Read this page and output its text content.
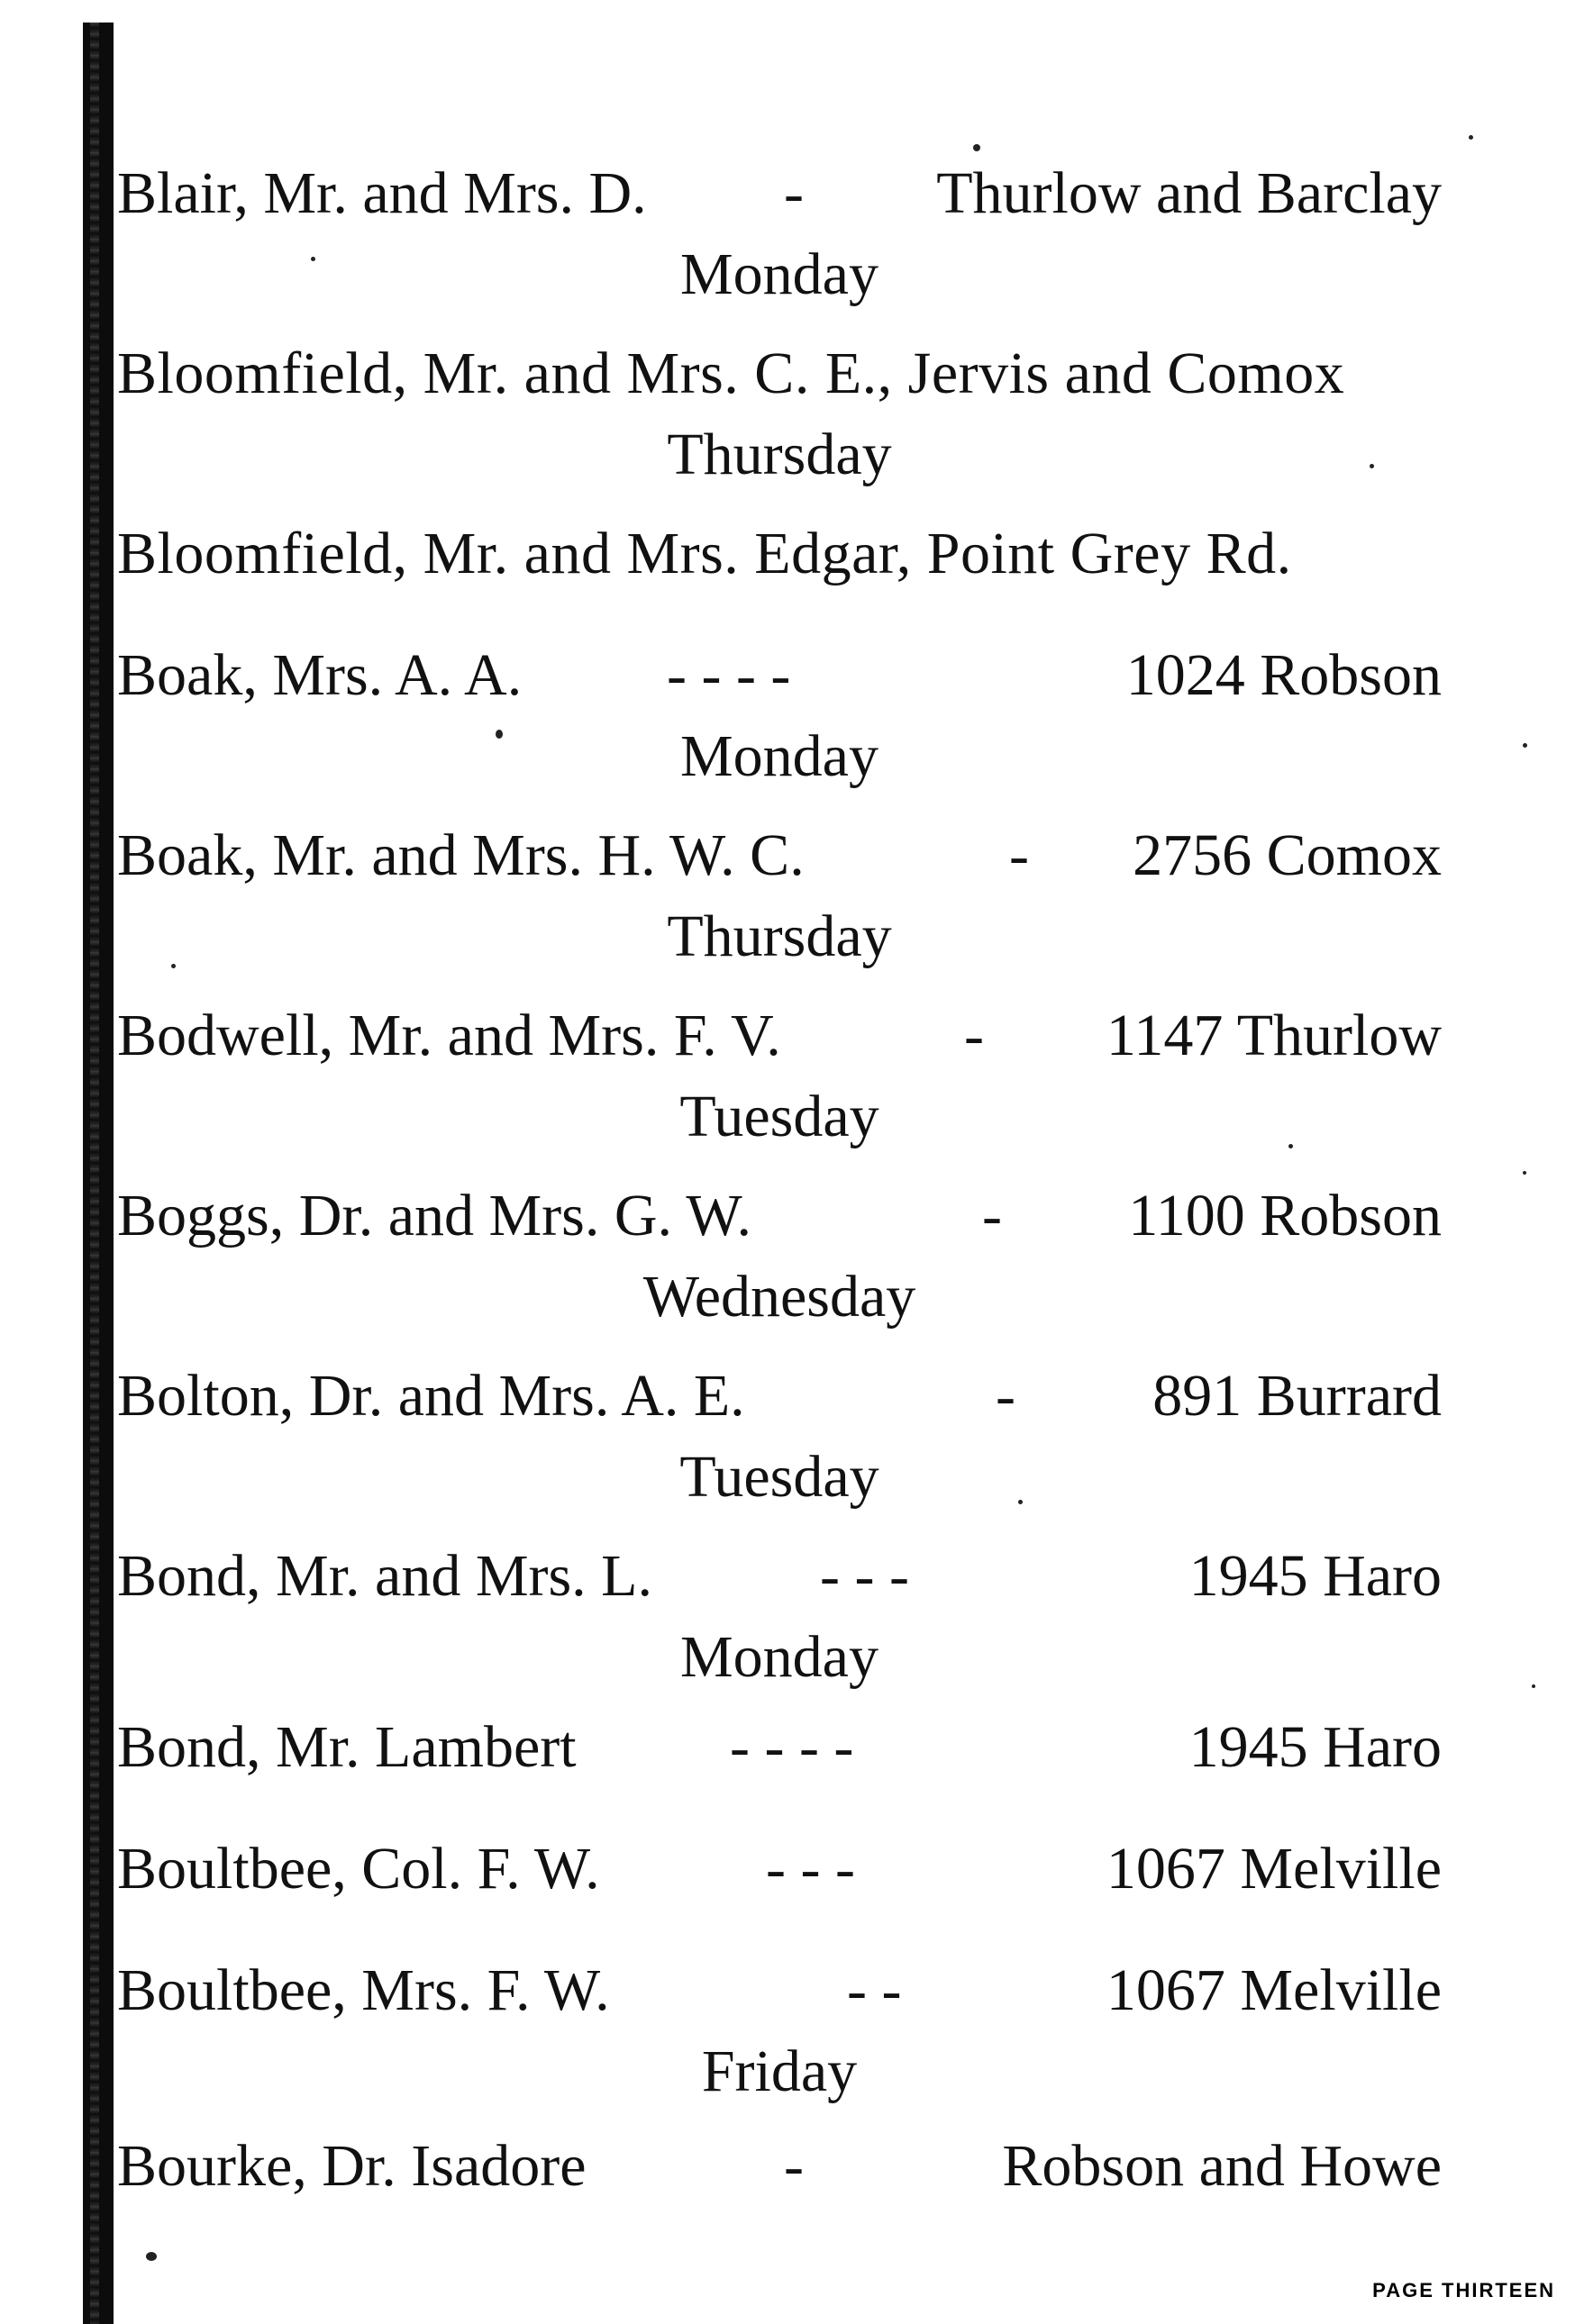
Blair, Mr. and Mrs. D. - Thurlow and Barclay
Monday
Bloomfield, Mr. and Mrs. C. E., Jervis and Comox
Thursday
Bloomfield, Mr. and Mrs. Edgar, Point Grey Rd.
Boak, Mrs. A. A. - - - -	1024 Robson
Monday
Boak, Mr. and Mrs. H. W. C.	- 2756 Comox
Thursday
Bodwell, Mr. and Mrs. F. V.	- 1147 Thurlow
Tuesday
Boggs, Dr. and Mrs. G. W.	- 1100 Robson
Wednesday
Bolton, Dr. and Mrs. A. E.	- 891 Burrard
Tuesday
Bond, Mr. and Mrs. L.	- - -	1945 Haro
Monday
Bond, Mr. Lambert	- - - -	1945 Haro
Boultbee, Col. F. W.	- - -	1067 Melville
Boultbee, Mrs. F. W.	- -	1067 Melville
Friday
Bourke, Dr. Isadore	-	Robson and Howe
PAGE THIRTEEN
